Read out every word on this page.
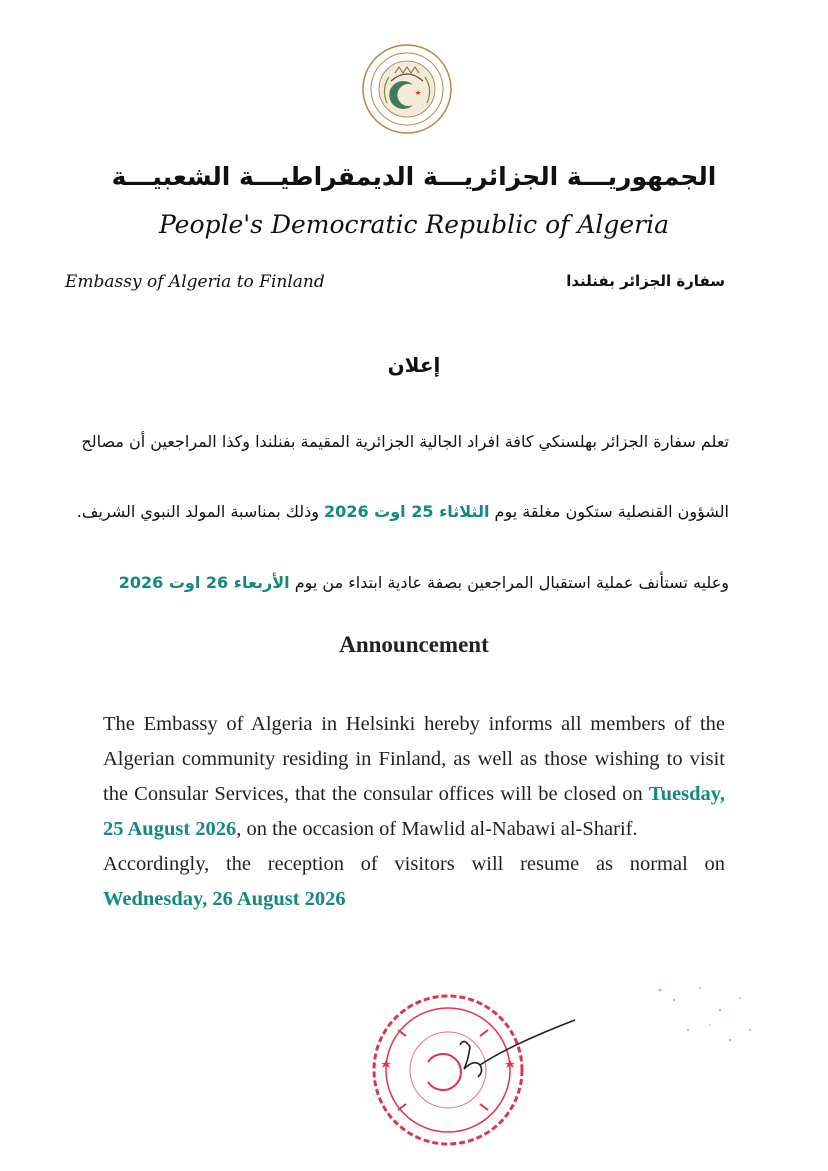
الجمهوريـــة الجزائريـــة الديمقراطيـــة الشعبيـــة
People's Democratic Republic of Algeria
Embassy of Algeria to Finland	سفارة الجزائر بفنلندا
إعلان
تعلم سفارة الجزائر بهلسنكي كافة افراد الجالية الجزائرية المقيمة بفنلندا وكذا المراجعين أن مصالح
الشؤون القنصلية ستكون مغلقة يوم الثلاثاء 25 اوت 2026 وذلك بمناسبة المولد النبوي الشريف.
وعليه تستأنف عملية استقبال المراجعين بصفة عادية ابتداء من يوم الأربعاء 26 اوت 2026
Announcement

The Embassy of Algeria in Helsinki hereby informs all members of the Algerian community residing in Finland, as well as those wishing to visit the Consular Services, that the consular offices will be closed on Tuesday, 25 August 2026, on the occasion of Mawlid al-Nabawi al-Sharif.

Accordingly, the reception of visitors will resume as normal on Wednesday, 26 August 2026
